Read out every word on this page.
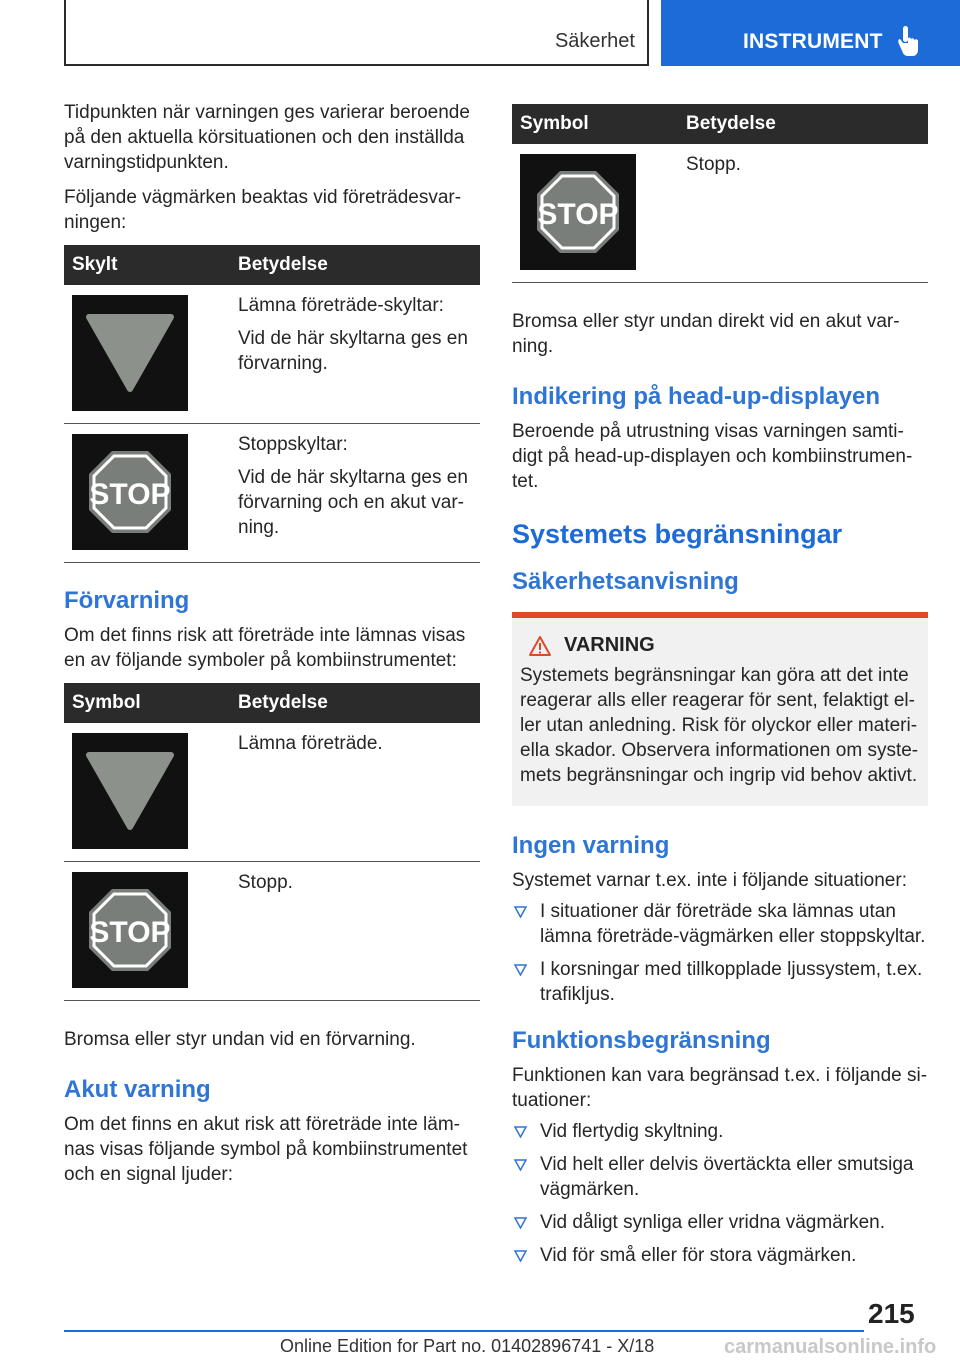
Säkerhet	INSTRUMENT

Tidpunkten när varningen ges varierar beroende på den aktuella körsituationen och den inställda varningstidpunkten.

Följande vägmärken beaktas vid företrädesvar-ningen:

Skylt	Betydelse

Lämna företräde-skyltar:

Vid de här skyltarna ges en förvarning.

STOP	Stoppskyltar:

Vid de här skyltarna ges en förvarning och en akut var-ning.

Förvarning

Om det finns risk att företräde inte lämnas visas en av följande symboler på kombiinstrumentet:

Symbol	Betydelse

Lämna företräde.

STOP	Stopp.

Bromsa eller styr undan vid en förvarning.

Akut varning

Om det finns en akut risk att företräde inte läm-nas visas följande symbol på kombiinstrumentet och en signal ljuder:

Symbol	Betydelse

STOP	Stopp.

Bromsa eller styr undan direkt vid en akut var-ning.

Indikering på head-up-displayen

Beroende på utrustning visas varningen samti-digt på head-up-displayen och kombiinstrumen-tet.

Systemets begränsningar
Säkerhetsanvisning
VARNING

Systemets begränsningar kan göra att det inte reagerar alls eller reagerar för sent, felaktigt el-ler utan anledning. Risk för olyckor eller materi-ella skador. Observera informationen om syste-mets begränsningar och ingrip vid behov aktivt.

Ingen varning

Systemet varnar t.ex. inte i följande situationer:

I situationer där företräde ska lämnas utan lämna företräde-vägmärken eller stoppskyltar.
I korsningar med tillkopplade ljussystem, t.ex. trafikljus.
Funktionsbegränsning

Funktionen kan vara begränsad t.ex. i följande si-tuationer:

Vid flertydig skyltning.
Vid helt eller delvis övertäckta eller smutsiga vägmärken.
Vid dåligt synliga eller vridna vägmärken.
Vid för små eller för stora vägmärken.
215
Online Edition for Part no. 01402896741 - X/18	carmanualsonline.info
